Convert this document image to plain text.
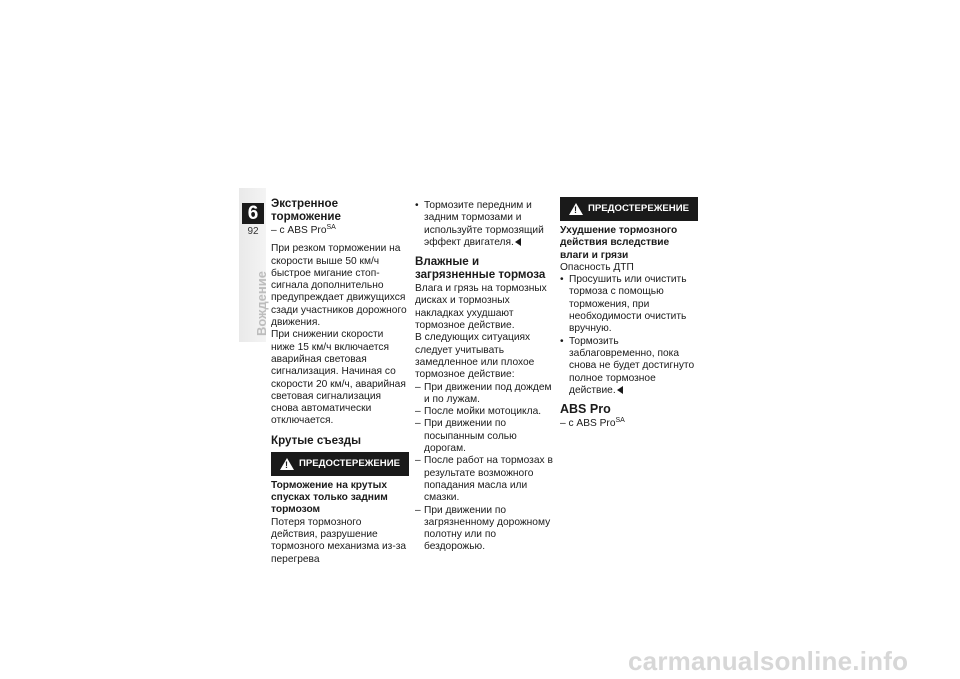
6
92
Вождение
Экстренное торможение

– с ABS Pro$^{SA}$

При резком торможении на скорости выше 50 км/ч быстрое мигание стоп-сигнала дополнительно предупреждает движущихся сзади участников дорожного движения.

При снижении скорости ниже 15 км/ч включается аварийная световая сигнализация. Начиная со скорости 20 км/ч, аварийная световая сигнализация снова автоматически отключается.

Крутые съезды
!
ПРЕДОСТЕРЕЖЕНИЕ

Торможение на крутых спусках только задним тормозом

Потеря тормозного действия, разрушение тормозного механизма из-за перегрева

• Тормозите передним и задним тормозами и используйте тормозящий эффект двигателя.
Влажные и загрязненные тормоза

Влага и грязь на тормозных дисках и тормозных накладках ухудшают тормозное действие.

В следующих ситуациях следует учитывать замедленное или плохое тормозное действие:

– При движении под дождем и по лужам.
– После мойки мотоцикла.
– При движении по посыпанным солью дорогам.
– После работ на тормозах в результате возможного попадания масла или смазки.
– При движении по загрязненному дорожному полотну или по бездорожью.
!
ПРЕДОСТЕРЕЖЕНИЕ

Ухудшение тормозного действия вследствие влаги и грязи

Опасность ДТП

• Просушить или очистить тормоза с помощью торможения, при необходимости очистить вручную.
• Тормозить заблаговременно, пока снова не будет достигнуто полное тормозное действие.
ABS Pro

– с ABS Pro$^{SA}$

carmanualsonline.info
